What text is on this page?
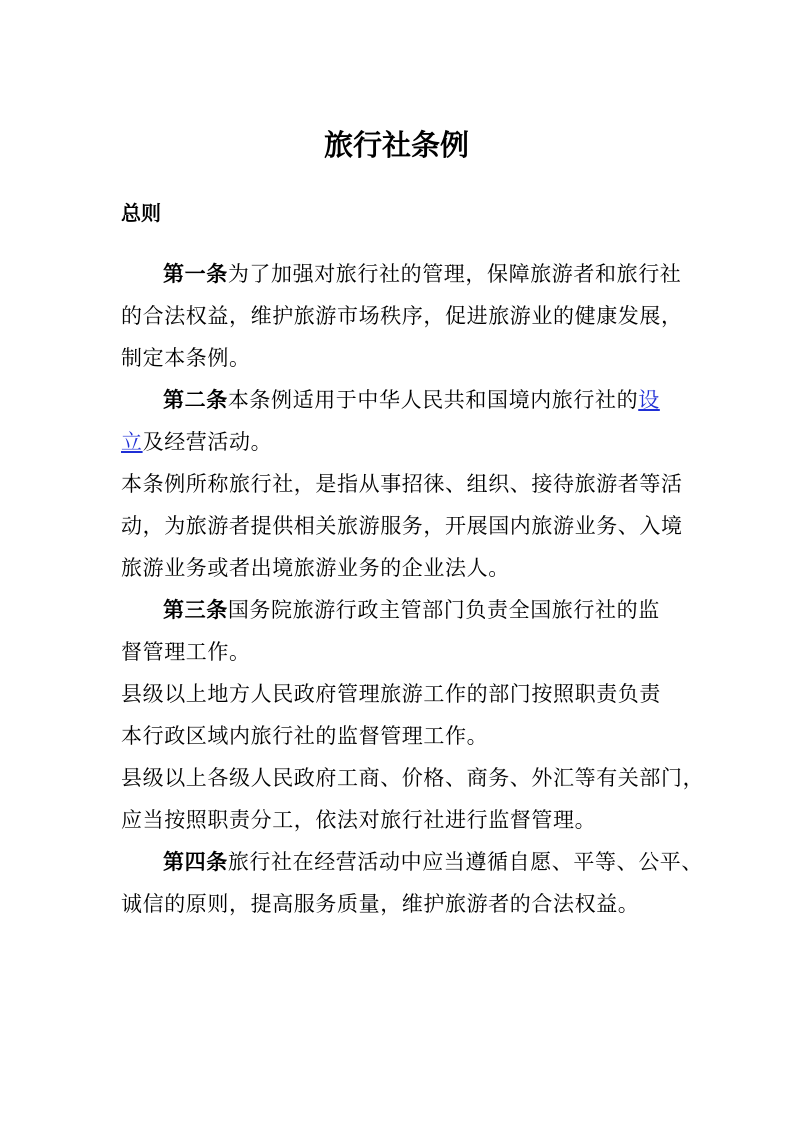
旅行社条例
总则
第一条为了加强对旅行社的管理，保障旅游者和旅行社
的合法权益，维护旅游市场秩序，促进旅游业的健康发展，
制定本条例。
第二条本条例适用于中华人民共和国境内旅行社的设
立及经营活动。
本条例所称旅行社，是指从事招徕、组织、接待旅游者等活
动，为旅游者提供相关旅游服务，开展国内旅游业务、入境
旅游业务或者出境旅游业务的企业法人。
第三条国务院旅游行政主管部门负责全国旅行社的监
督管理工作。
县级以上地方人民政府管理旅游工作的部门按照职责负责
本行政区域内旅行社的监督管理工作。
县级以上各级人民政府工商、价格、商务、外汇等有关部门，
应当按照职责分工，依法对旅行社进行监督管理。
第四条旅行社在经营活动中应当遵循自愿、平等、公平、
诚信的原则，提高服务质量，维护旅游者的合法权益。
